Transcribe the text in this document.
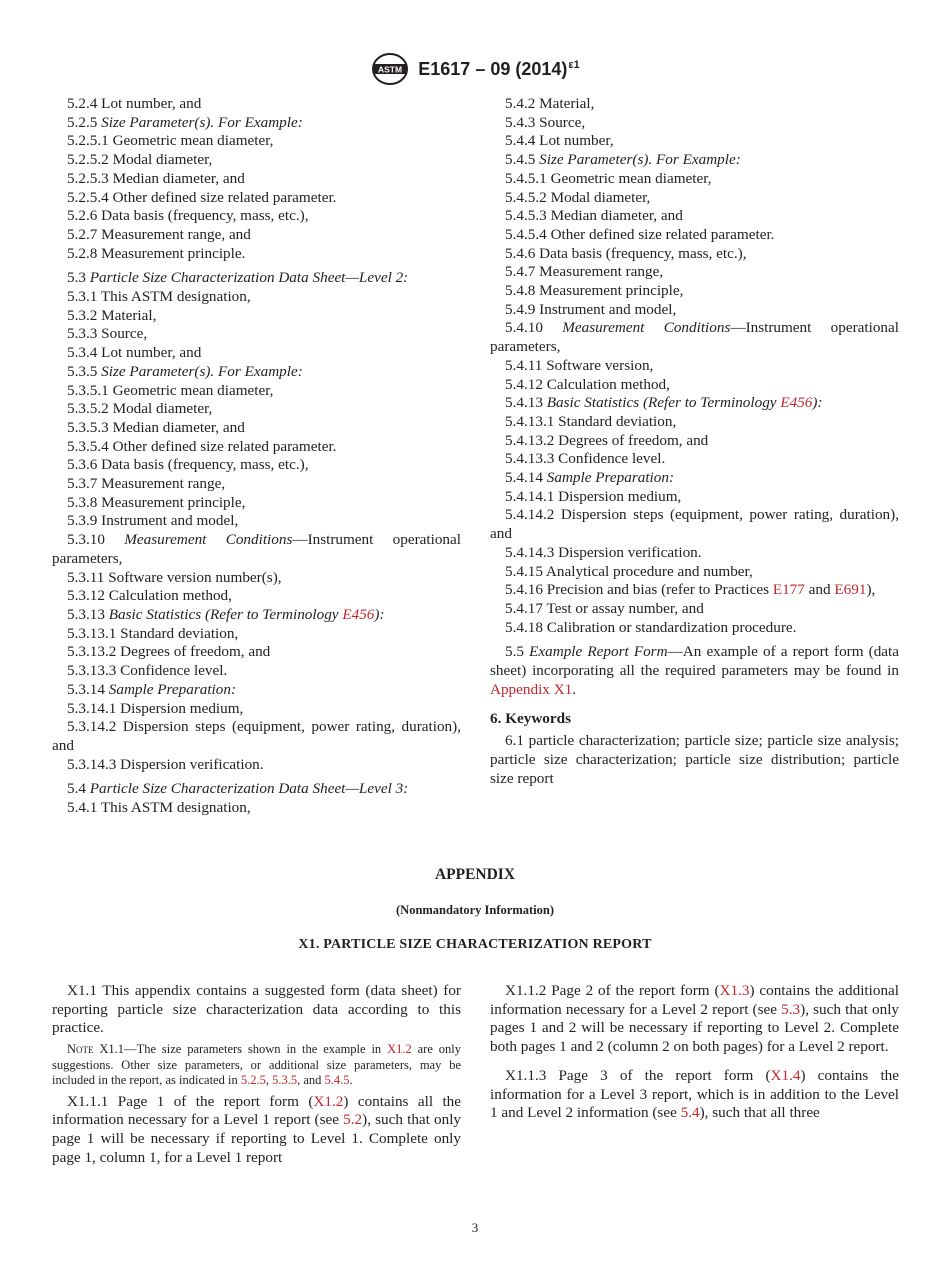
ASTM E1617 – 09 $(2014)^{\varepsilon 1}$
5.2.4 Lot number, and
5.2.5 Size Parameter(s). For Example:
5.2.5.1 Geometric mean diameter,
5.2.5.2 Modal diameter,
5.2.5.3 Median diameter, and
5.2.5.4 Other defined size related parameter.
5.2.6 Data basis (frequency, mass, etc.),
5.2.7 Measurement range, and
5.2.8 Measurement principle.
5.3 Particle Size Characterization Data Sheet—Level 2:
5.3.1 This ASTM designation,
5.3.2 Material,
5.3.3 Source,
5.3.4 Lot number, and
5.3.5 Size Parameter(s). For Example:
5.3.5.1 Geometric mean diameter,
5.3.5.2 Modal diameter,
5.3.5.3 Median diameter, and
5.3.5.4 Other defined size related parameter.
5.3.6 Data basis (frequency, mass, etc.),
5.3.7 Measurement range,
5.3.8 Measurement principle,
5.3.9 Instrument and model,
5.3.10 Measurement Conditions—Instrument operational parameters,
5.3.11 Software version number(s),
5.3.12 Calculation method,
5.3.13 Basic Statistics (Refer to Terminology E456):
5.3.13.1 Standard deviation,
5.3.13.2 Degrees of freedom, and
5.3.13.3 Confidence level.
5.3.14 Sample Preparation:
5.3.14.1 Dispersion medium,
5.3.14.2 Dispersion steps (equipment, power rating, duration), and
5.3.14.3 Dispersion verification.
5.4 Particle Size Characterization Data Sheet—Level 3:
5.4.1 This ASTM designation,
5.4.2 Material,
5.4.3 Source,
5.4.4 Lot number,
5.4.5 Size Parameter(s). For Example:
5.4.5.1 Geometric mean diameter,
5.4.5.2 Modal diameter,
5.4.5.3 Median diameter, and
5.4.5.4 Other defined size related parameter.
5.4.6 Data basis (frequency, mass, etc.),
5.4.7 Measurement range,
5.4.8 Measurement principle,
5.4.9 Instrument and model,
5.4.10 Measurement Conditions—Instrument operational parameters,
5.4.11 Software version,
5.4.12 Calculation method,
5.4.13 Basic Statistics (Refer to Terminology E456):
5.4.13.1 Standard deviation,
5.4.13.2 Degrees of freedom, and
5.4.13.3 Confidence level.
5.4.14 Sample Preparation:
5.4.14.1 Dispersion medium,
5.4.14.2 Dispersion steps (equipment, power rating, duration), and
5.4.14.3 Dispersion verification.
5.4.15 Analytical procedure and number,
5.4.16 Precision and bias (refer to Practices E177 and E691),
5.4.17 Test or assay number, and
5.4.18 Calibration or standardization procedure.
5.5 Example Report Form—An example of a report form (data sheet) incorporating all the required parameters may be found in Appendix X1.
6. Keywords

6.1 particle characterization; particle size; particle size analysis; particle size characterization; particle size distribution; particle size report

APPENDIX
(Nonmandatory Information)
X1. PARTICLE SIZE CHARACTERIZATION REPORT

X1.1 This appendix contains a suggested form (data sheet) for reporting particle size characterization data according to this practice.

Note X1.1—The size parameters shown in the example in X1.2 are only suggestions. Other size parameters, or additional size parameters, may be included in the report, as indicated in 5.2.5, 5.3.5, and 5.4.5.

X1.1.1 Page 1 of the report form (X1.2) contains all the information necessary for a Level 1 report (see 5.2), such that only page 1 will be necessary if reporting to Level 1. Complete only page 1, column 1, for a Level 1 report

X1.1.2 Page 2 of the report form (X1.3) contains the additional information necessary for a Level 2 report (see 5.3), such that only pages 1 and 2 will be necessary if reporting to Level 2. Complete both pages 1 and 2 (column 2 on both pages) for a Level 2 report.

X1.1.3 Page 3 of the report form (X1.4) contains the information for a Level 3 report, which is in addition to the Level 1 and Level 2 information (see 5.4), such that all three

3
